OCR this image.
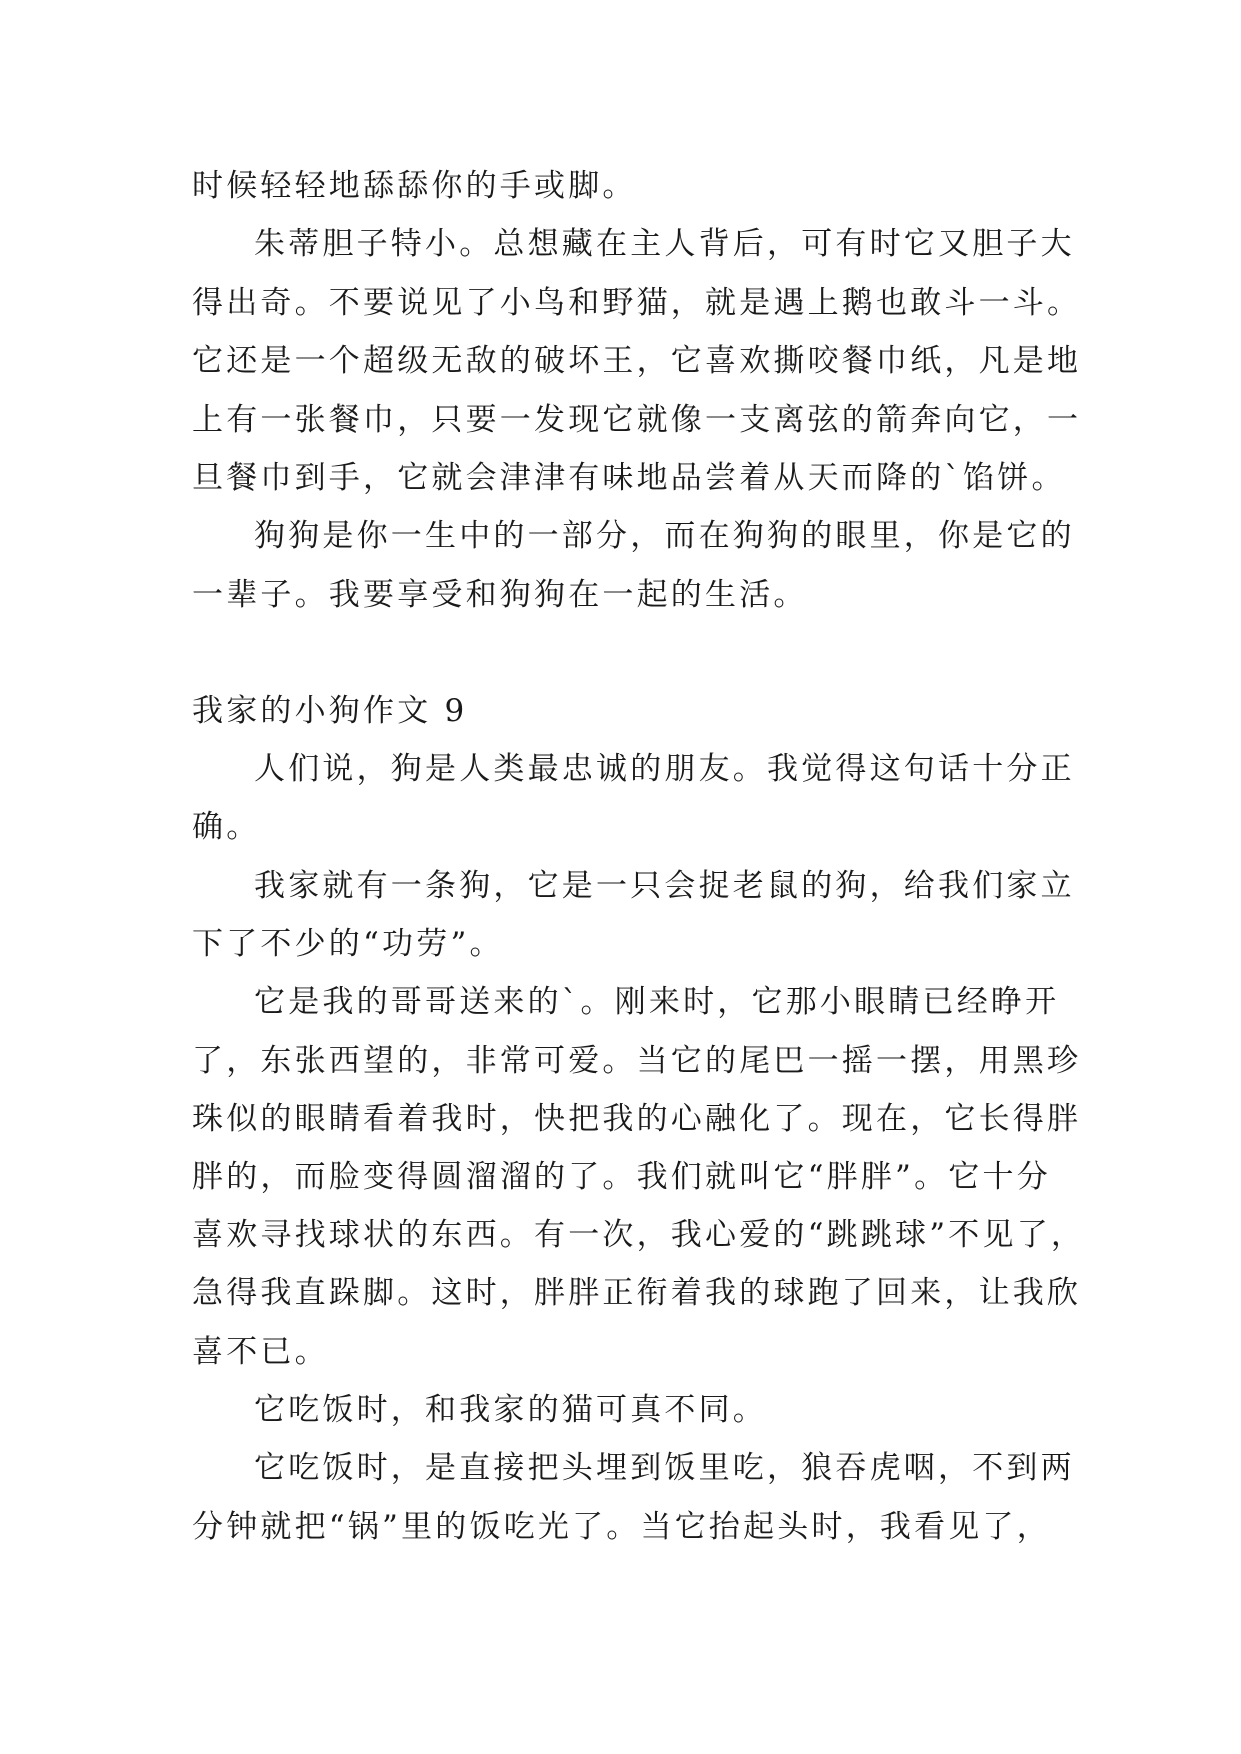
时候轻轻地舔舔你的手或脚。
朱蒂胆子特小。总想藏在主人背后，可有时它又胆子大
得出奇。不要说见了小鸟和野猫，就是遇上鹅也敢斗一斗。
它还是一个超级无敌的破坏王，它喜欢撕咬餐巾纸，凡是地
上有一张餐巾，只要一发现它就像一支离弦的箭奔向它，一
旦餐巾到手，它就会津津有味地品尝着从天而降的`馅饼。
狗狗是你一生中的一部分，而在狗狗的眼里，你是它的
一辈子。我要享受和狗狗在一起的生活。
我家的小狗作文 9
人们说，狗是人类最忠诚的朋友。我觉得这句话十分正
确。
我家就有一条狗，它是一只会捉老鼠的狗，给我们家立
下了不少的“功劳”。
它是我的哥哥送来的`。刚来时，它那小眼睛已经睁开
了，东张西望的，非常可爱。当它的尾巴一摇一摆，用黑珍
珠似的眼睛看着我时，快把我的心融化了。现在，它长得胖
胖的，而脸变得圆溜溜的了。我们就叫它“胖胖”。它十分
喜欢寻找球状的东西。有一次，我心爱的“跳跳球”不见了，
急得我直跺脚。这时，胖胖正衔着我的球跑了回来，让我欣
喜不已。
它吃饭时，和我家的猫可真不同。
它吃饭时，是直接把头埋到饭里吃，狼吞虎咽，不到两
分钟就把“锅”里的饭吃光了。当它抬起头时，我看见了，
